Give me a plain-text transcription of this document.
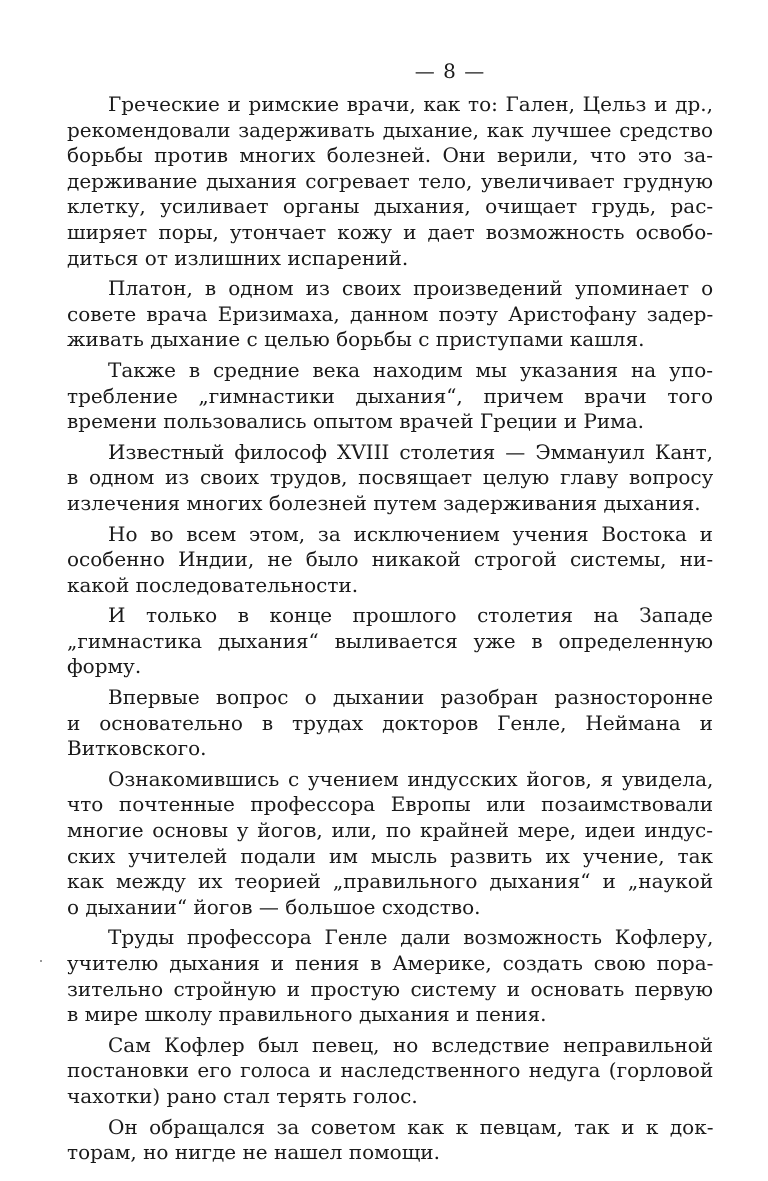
— 8 —
Греческие и римские врачи, как то: Гален, Цельз и др.,
рекомендовали задерживать дыхание, как лучшее средство
борьбы против многих болезней. Они верили, что это за-
держивание дыхания согревает тело, увеличивает грудную
клетку, усиливает органы дыхания, очищает грудь, рас-
ширяет поры, утончает кожу и дает возможность освобо-
диться от излишних испарений.
Платон, в одном из своих произведений упоминает о
совете врача Еризимаха, данном поэту Аристофану задер-
живать дыхание с целью борьбы с приступами кашля.
Также в средние века находим мы указания на упо-
требление „гимнастики дыхания“, причем врачи того
времени пользовались опытом врачей Греции и Рима.
Известный философ XVIII столетия — Эммануил Кант,
в одном из своих трудов, посвящает целую главу вопросу
излечения многих болезней путем задерживания дыхания.
Но во всем этом, за исключением учения Востока и
особенно Индии, не было никакой строгой системы, ни-
какой последовательности.
И только в конце прошлого столетия на Западе
„гимнастика дыхания“ выливается уже в определенную
форму.
Впервые вопрос о дыхании разобран разносторонне
и основательно в трудах докторов Генле, Неймана и
Витковского.
Ознакомившись с учением индусских йогов, я увидела,
что почтенные профессора Европы или позаимствовали
многие основы у йогов, или, по крайней мере, идеи индус-
ских учителей подали им мысль развить их учение, так
как между их теорией „правильного дыхания“ и „наукой
о дыхании“ йогов — большое сходство.
Труды профессора Генле дали возможность Кофлеру,
учителю дыхания и пения в Америке, создать свою пора-
зительно стройную и простую систему и основать первую
в мире школу правильного дыхания и пения.
Сам Кофлер был певец, но вследствие неправильной
постановки его голоса и наследственного недуга (горловой
чахотки) рано стал терять голос.
Он обращался за советом как к певцам, так и к док-
торам, но нигде не нашел помощи.
